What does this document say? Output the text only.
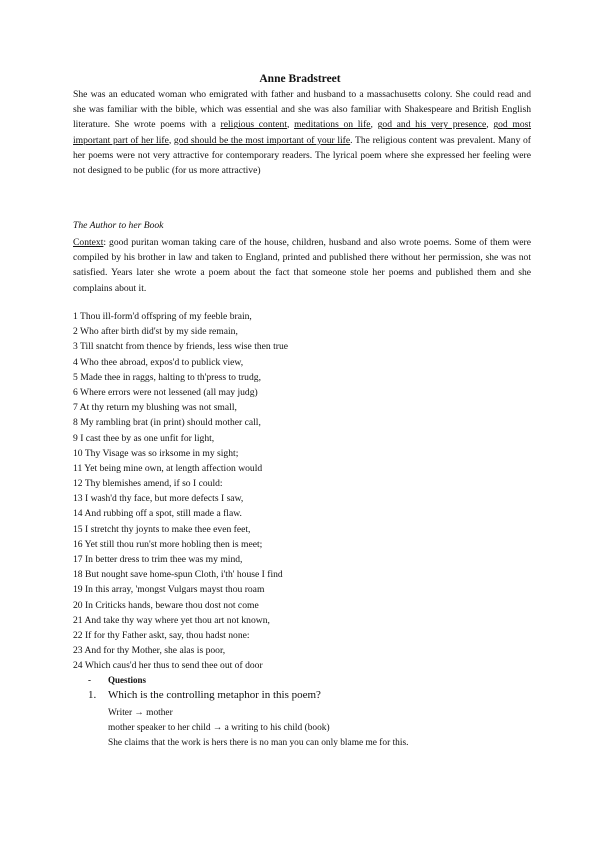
Anne Bradstreet
She was an educated woman who emigrated with father and husband to a massachusetts colony. She could read and she was familiar with the bible, which was essential and she was also familiar with Shakespeare and British English literature. She wrote poems with a religious content, meditations on life, god and his very presence, god most important part of her life, god should be the most important of your life. The religious content was prevalent. Many of her poems were not very attractive for contemporary readers. The lyrical poem where she expressed her feeling were not designed to be public (for us more attractive)
The Author to her Book
Context: good puritan woman taking care of the house, children, husband and also wrote poems. Some of them were compiled by his brother in law and taken to England, printed and published there without her permission, she was not satisfied. Years later she wrote a poem about the fact that someone stole her poems and published them and she complains about it.
1 Thou ill-form'd offspring of my feeble brain,
2 Who after birth did'st by my side remain,
3 Till snatcht from thence by friends, less wise then true
4 Who thee abroad, expos'd to publick view,
5 Made thee in raggs, halting to th'press to trudg,
6 Where errors were not lessened (all may judg)
7 At thy return my blushing was not small,
8 My rambling brat (in print) should mother call,
9 I cast thee by as one unfit for light,
10 Thy Visage was so irksome in my sight;
11 Yet being mine own, at length affection would
12 Thy blemishes amend, if so I could:
13 I wash'd thy face, but more defects I saw,
14 And rubbing off a spot, still made a flaw.
15 I stretcht thy joynts to make thee even feet,
16 Yet still thou run'st more hobling then is meet;
17 In better dress to trim thee was my mind,
18 But nought save home-spun Cloth, i'th' house I find
19 In this array, 'mongst Vulgars mayst thou roam
20 In Criticks hands, beware thou dost not come
21 And take thy way where yet thou art not known,
22 If for thy Father askt, say, thou hadst none:
23 And for thy Mother, she alas is poor,
24 Which caus'd her thus to send thee out of door
- Questions
1. Which is the controlling metaphor in this poem?
Writer → mother
mother speaker to her child → a writing to his child (book)
She claims that the work is hers there is no man you can only blame me for this.
